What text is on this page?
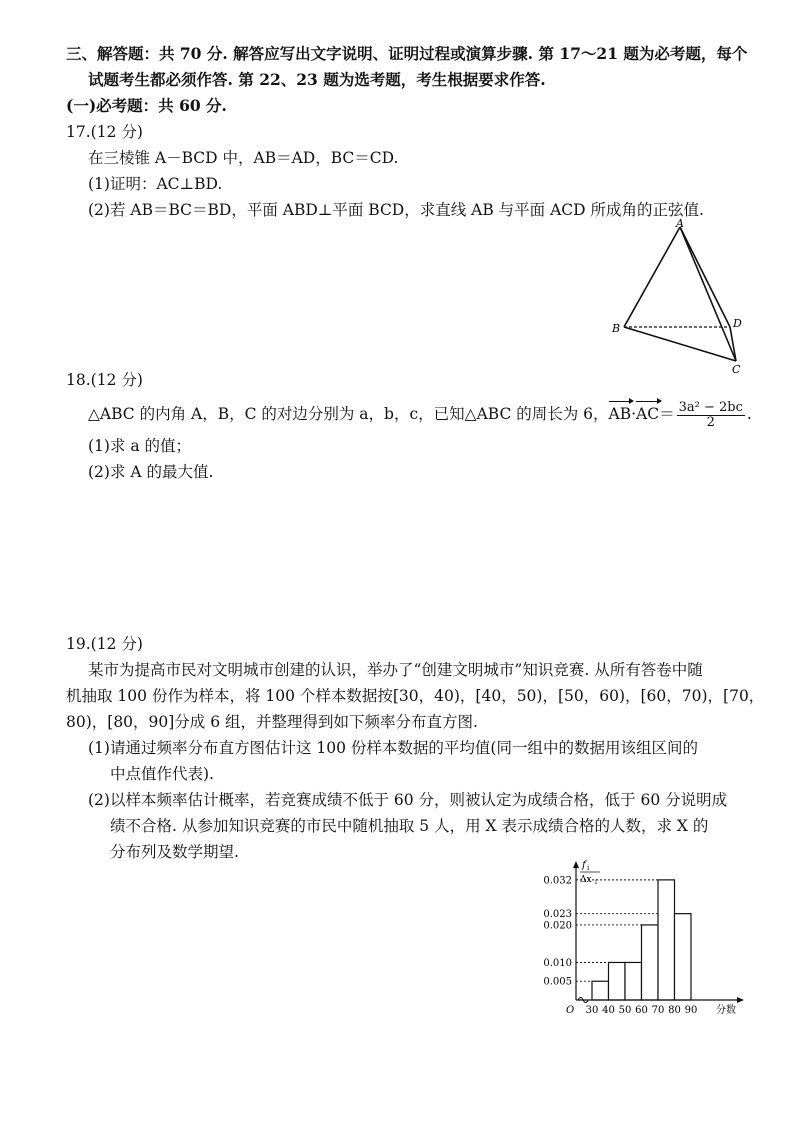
三、解答题：共 70 分. 解答应写出文字说明、证明过程或演算步骤. 第 17～21 题为必考题，每个
试题考生都必须作答. 第 22、23 题为选考题，考生根据要求作答.
(一)必考题：共 60 分.
17.(12 分)
在三棱锥 A－BCD 中，AB＝AD，BC＝CD.
(1)证明：AC⊥BD.
(2)若 AB＝BC＝BD，平面 ABD⊥平面 BCD，求直线 AB 与平面 ACD 所成角的正弦值.
A
B	D
C
18.(12 分)
△ABC 的内角 A，B，C 的对边分别为 a，b，c，已知△ABC 的周长为 6，$AB\cdot AC= \frac{\text{3a² − 2bc}}{2}$ .
(1)求 a 的值；
(2)求 A 的最大值.
19.(12 分)
某市为提高市民对文明城市创建的认识，举办了“创建文明城市”知识竞赛. 从所有答卷中随
机抽取 100 份作为样本，将 100 个样本数据按[30，40)，[40，50)，[50，60)，[60，70)，[70，
80)，[80，90]分成 6 组，并整理得到如下频率分布直方图.
(1)请通过频率分布直方图估计这 100 份样本数据的平均值(同一组中的数据用该组区间的
中点值作代表).
(2)以样本频率估计概率，若竞赛成绩不低于 60 分，则被认定为成绩合格，低于 60 分说明成
绩不合格. 从参加知识竞赛的市民中随机抽取 5 人，用 X 表示成绩合格的人数，求 X 的
分布列及数学期望.
0.005
0.010
0.020
0.023
0.032
30 40 50 60 70 80 90
O	分数
f i
Δx i
